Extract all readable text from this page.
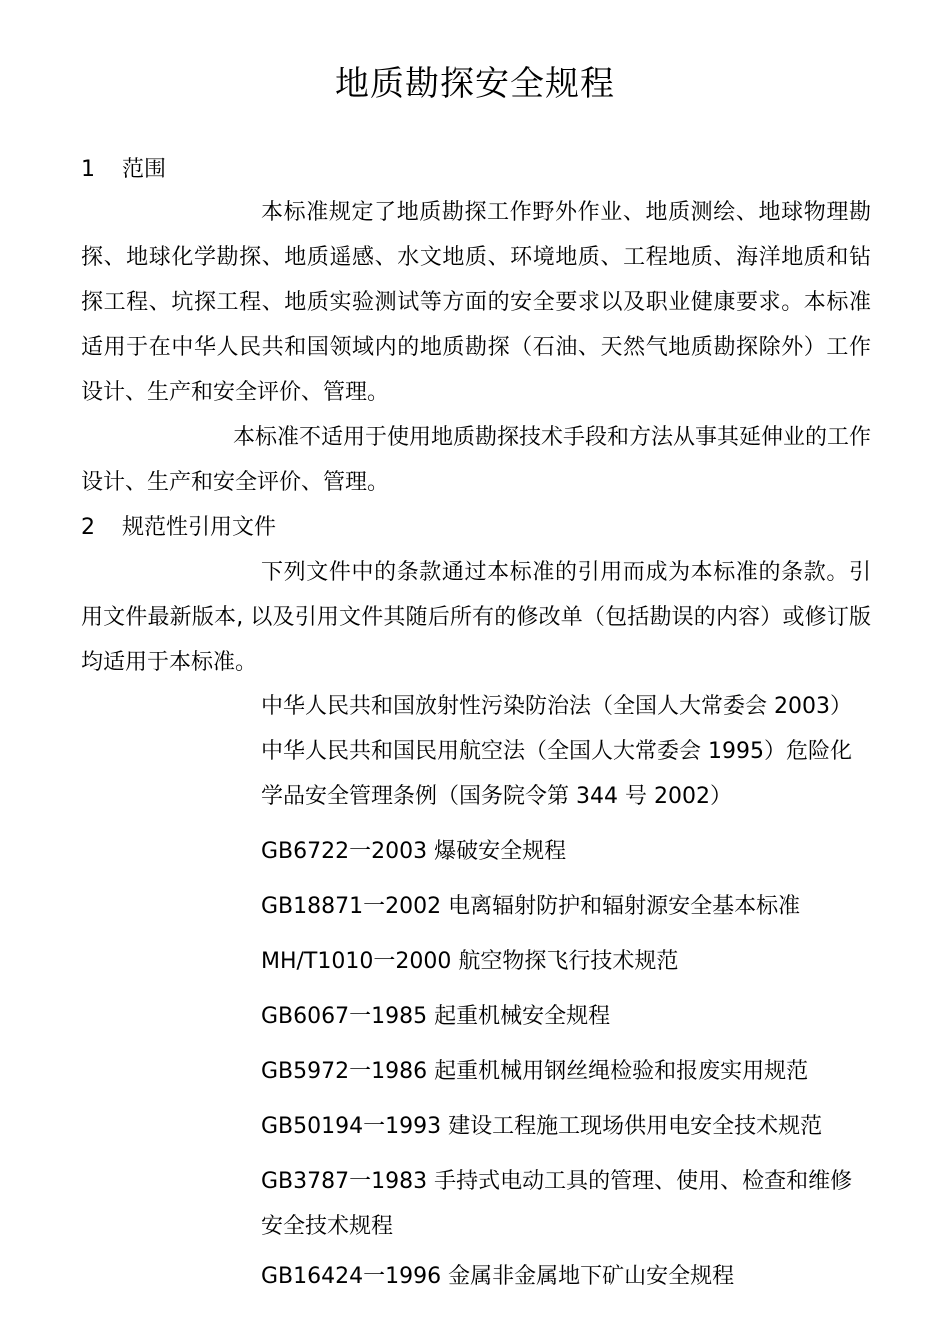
地质勘探安全规程
1 范围
本标准规定了地质勘探工作野外作业、地质测绘、地球物理勘探、地球化学勘探、地质遥感、水文地质、环境地质、工程地质、海洋地质和钻探工程、坑探工程、地质实验测试等方面的安全要求以及职业健康要求。本标准适用于在中华人民共和国领域内的地质勘探（石油、天然气地质勘探除外）工作设计、生产和安全评价、管理。
本标准不适用于使用地质勘探技术手段和方法从事其延伸业的工作设计、生产和安全评价、管理。
2 规范性引用文件
下列文件中的条款通过本标准的引用而成为本标准的条款。引用文件最新版本, 以及引用文件其随后所有的修改单（包括勘误的内容）或修订版均适用于本标准。
中华人民共和国放射性污染防治法（全国人大常委会 2003）中华人民共和国民用航空法（全国人大常委会 1995）危险化学品安全管理条例（国务院令第 344 号 2002）
GB6722一2003 爆破安全规程
GB18871一2002 电离辐射防护和辐射源安全基本标准
MH/T1010一2000 航空物探飞行技术规范
GB6067一1985 起重机械安全规程
GB5972一1986 起重机械用钢丝绳检验和报废实用规范
GB50194一1993 建设工程施工现场供用电安全技术规范
GB3787一1983 手持式电动工具的管理、使用、检查和维修安全技术规程
GB16424一1996 金属非金属地下矿山安全规程
